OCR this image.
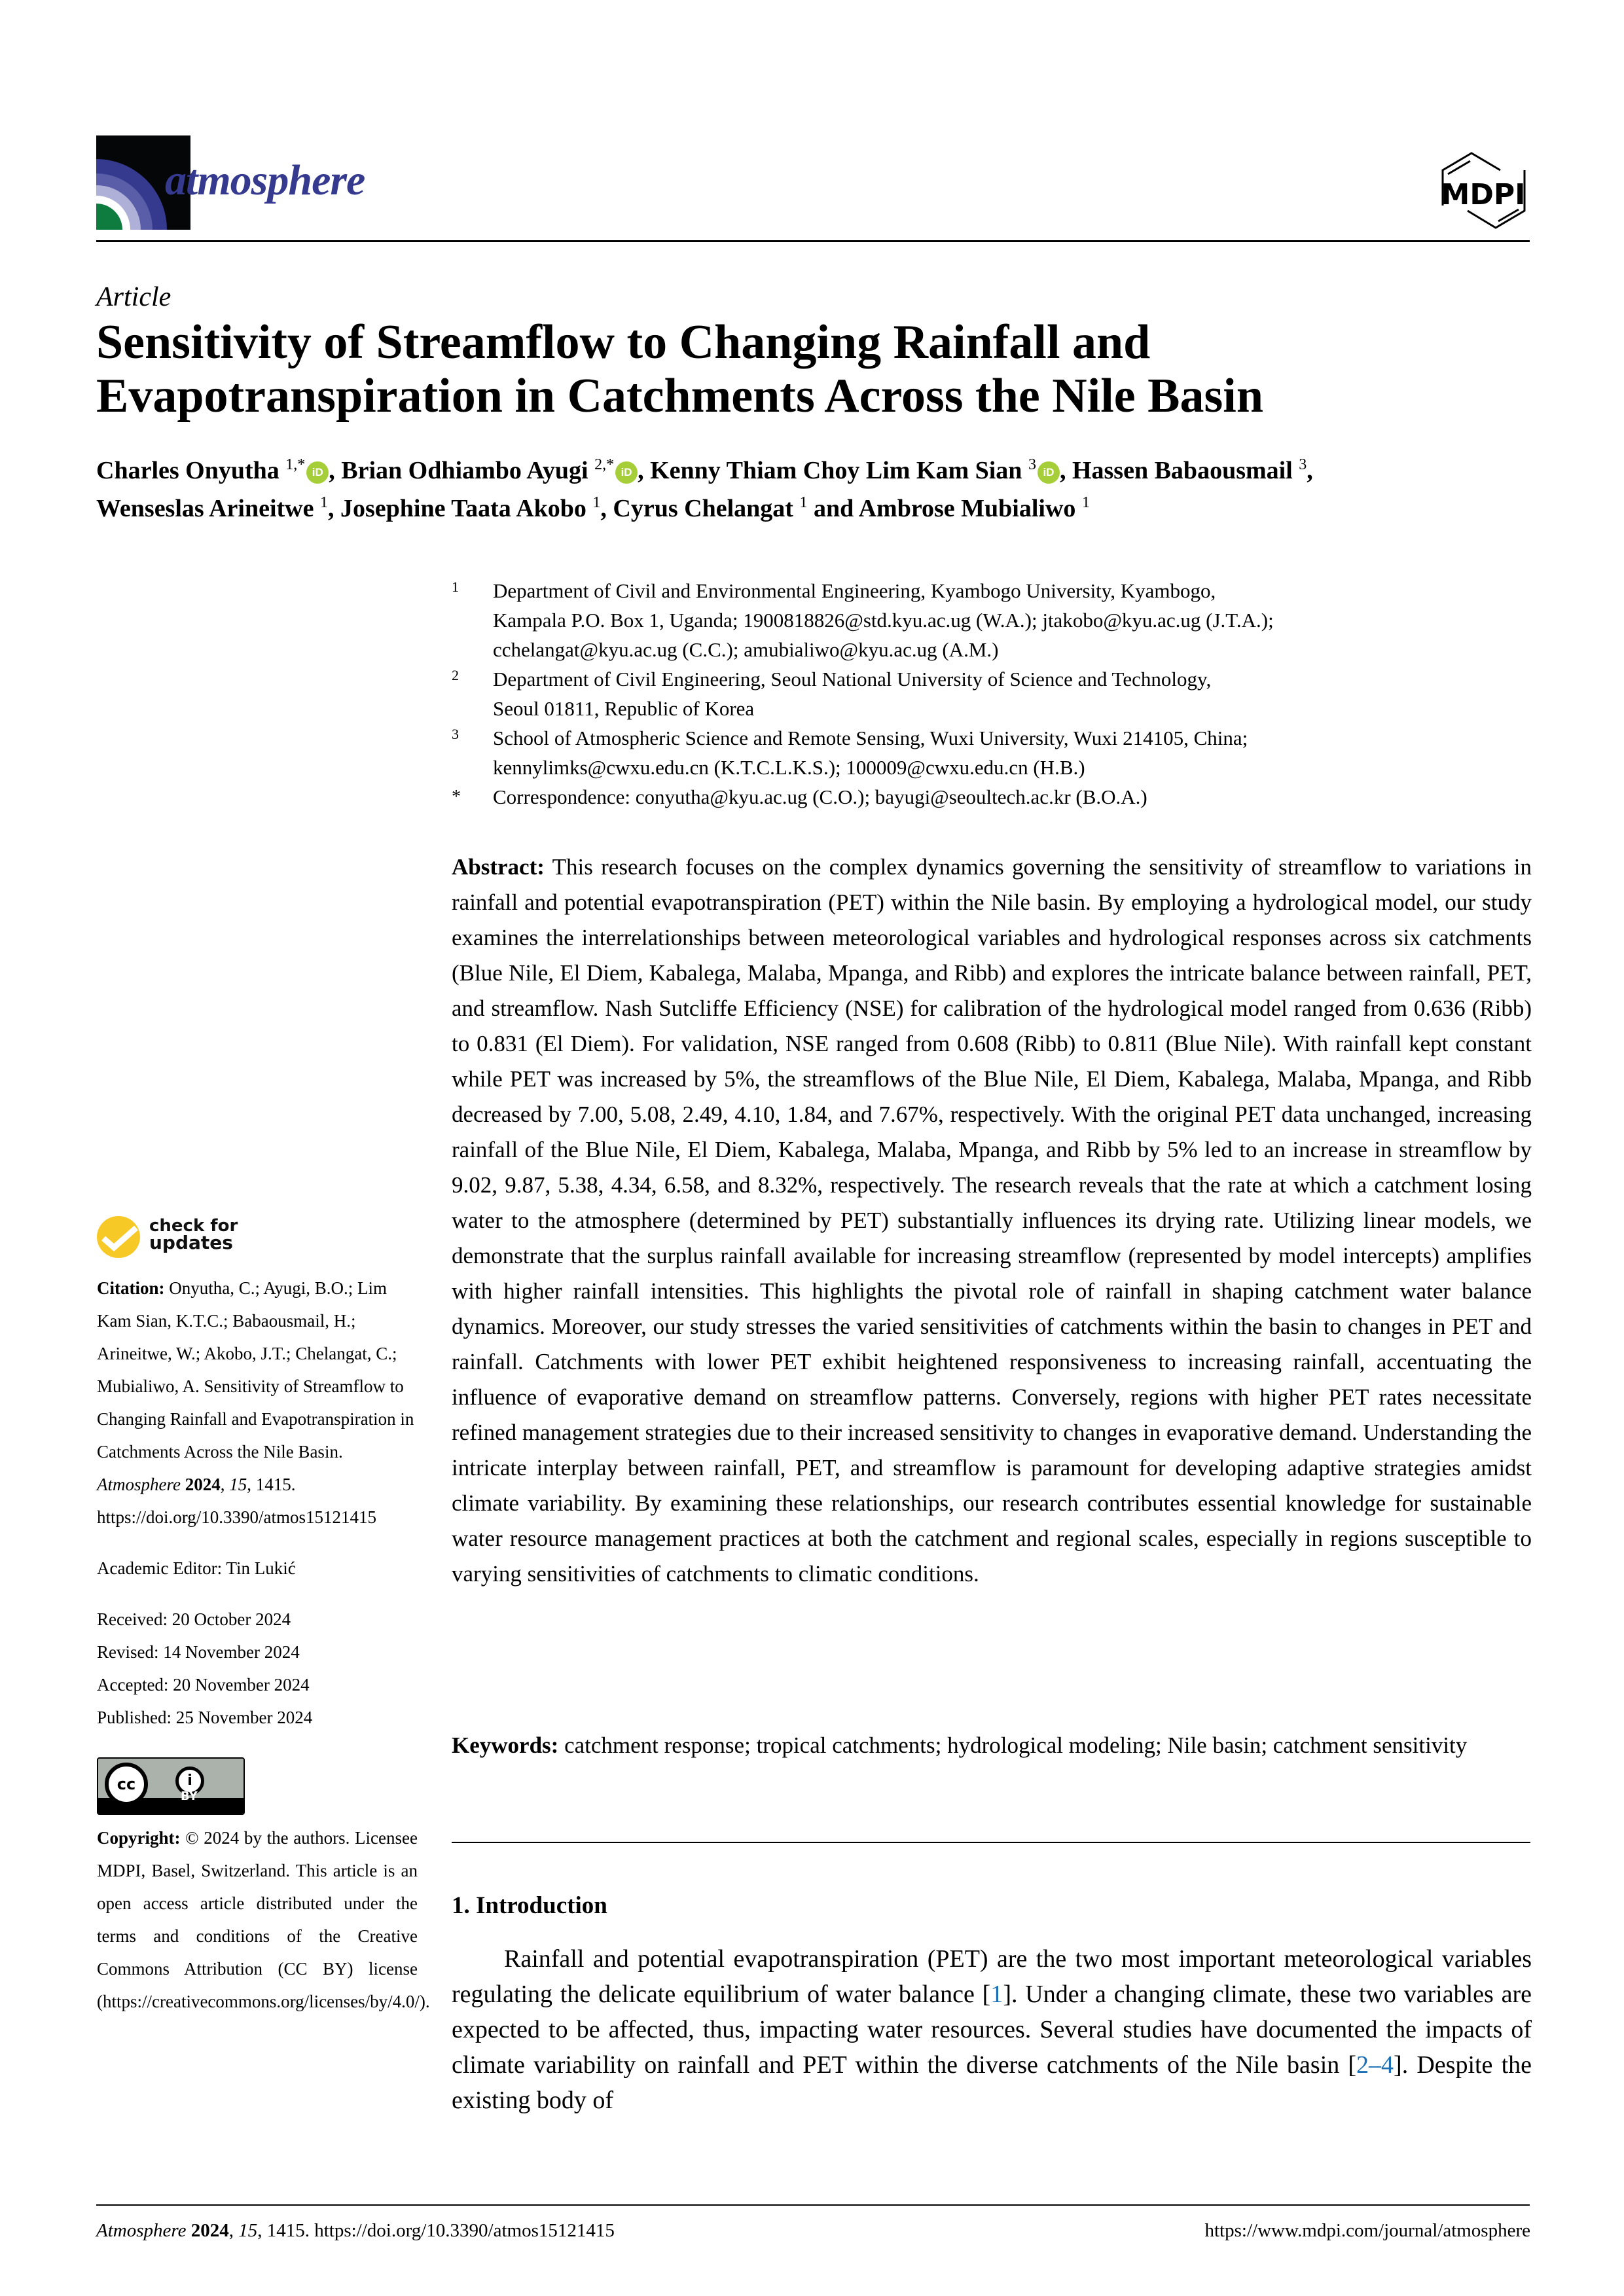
atmosphere	MDPI
Article
Sensitivity of Streamflow to Changing Rainfall and
Evapotranspiration in Catchments Across the Nile Basin
Charles Onyutha $^{1,*}$ iD , Brian Odhiambo Ayugi $^{2,*}$ iD , Kenny Thiam Choy Lim Kam Sian $^3$ iD , Hassen Babaousmail $^3$,
Wenseslas Arineitwe $^1$, Josephine Taata Akobo $^1$, Cyrus Chelangat $^1$ and Ambrose Mubialiwo $^1$
1 Department of Civil and Environmental Engineering, Kyambogo University, Kyambogo,
Kampala P.O. Box 1, Uganda; 1900818826@std.kyu.ac.ug (W.A.); jtakobo@kyu.ac.ug (J.T.A.);
cchelangat@kyu.ac.ug (C.C.); amubialiwo@kyu.ac.ug (A.M.)
2 Department of Civil Engineering, Seoul National University of Science and Technology,
Seoul 01811, Republic of Korea
3 School of Atmospheric Science and Remote Sensing, Wuxi University, Wuxi 214105, China;
kennylimks@cwxu.edu.cn (K.T.C.L.K.S.); 100009@cwxu.edu.cn (H.B.)
* Correspondence: conyutha@kyu.ac.ug (C.O.); bayugi@seoultech.ac.kr (B.O.A.)
check for
updates

Citation: Onyutha, C.; Ayugi, B.O.; Lim Kam Sian, K.T.C.; Babaousmail, H.; Arineitwe, W.; Akobo, J.T.; Chelangat, C.; Mubialiwo, A. Sensitivity of Streamflow to Changing Rainfall and Evapotranspiration in Catchments Across the Nile Basin. Atmosphere 2024, 15, 1415. https://doi.org/10.3390/atmos15121415

Academic Editor: Tin Lukić

Received: 20 October 2024

Revised: 14 November 2024

Accepted: 20 November 2024

Published: 25 November 2024

cc	i
BY

Copyright: © 2024 by the authors. Licensee MDPI, Basel, Switzerland. This article is an open access article distributed under the terms and conditions of the Creative Commons Attribution (CC BY) license (https://creativecommons.org/licenses/by/4.0/).

Abstract: This research focuses on the complex dynamics governing the sensitivity of streamflow to variations in rainfall and potential evapotranspiration (PET) within the Nile basin. By employing a hydrological model, our study examines the interrelationships between meteorological variables and hydrological responses across six catchments (Blue Nile, El Diem, Kabalega, Malaba, Mpanga, and Ribb) and explores the intricate balance between rainfall, PET, and streamflow. Nash Sutcliffe Efficiency (NSE) for calibration of the hydrological model ranged from 0.636 (Ribb) to 0.831 (El Diem). For validation, NSE ranged from 0.608 (Ribb) to 0.811 (Blue Nile). With rainfall kept constant while PET was increased by 5%, the streamflows of the Blue Nile, El Diem, Kabalega, Malaba, Mpanga, and Ribb decreased by 7.00, 5.08, 2.49, 4.10, 1.84, and 7.67%, respectively. With the original PET data unchanged, increasing rainfall of the Blue Nile, El Diem, Kabalega, Malaba, Mpanga, and Ribb by 5% led to an increase in streamflow by 9.02, 9.87, 5.38, 4.34, 6.58, and 8.32%, respectively. The research reveals that the rate at which a catchment losing water to the atmosphere (determined by PET) substantially influences its drying rate. Utilizing linear models, we demonstrate that the surplus rainfall available for increasing streamflow (represented by model intercepts) amplifies with higher rainfall intensities. This highlights the pivotal role of rainfall in shaping catchment water balance dynamics. Moreover, our study stresses the varied sensitivities of catchments within the basin to changes in PET and rainfall. Catchments with lower PET exhibit heightened responsiveness to increasing rainfall, accentuating the influence of evaporative demand on streamflow patterns. Conversely, regions with higher PET rates necessitate refined management strategies due to their increased sensitivity to changes in evaporative demand. Understanding the intricate interplay between rainfall, PET, and streamflow is paramount for developing adaptive strategies amidst climate variability. By examining these relationships, our research contributes essential knowledge for sustainable water resource management practices at both the catchment and regional scales, especially in regions susceptible to varying sensitivities of catchments to climatic conditions.
Keywords: catchment response; tropical catchments; hydrological modeling; Nile basin; catchment sensitivity
1. Introduction
Rainfall and potential evapotranspiration (PET) are the two most important meteorological variables regulating the delicate equilibrium of water balance [1]. Under a changing climate, these two variables are expected to be affected, thus, impacting water resources. Several studies have documented the impacts of climate variability on rainfall and PET within the diverse catchments of the Nile basin [2–4]. Despite the existing body of
Atmosphere 2024, 15, 1415. https://doi.org/10.3390/atmos15121415	https://www.mdpi.com/journal/atmosphere
